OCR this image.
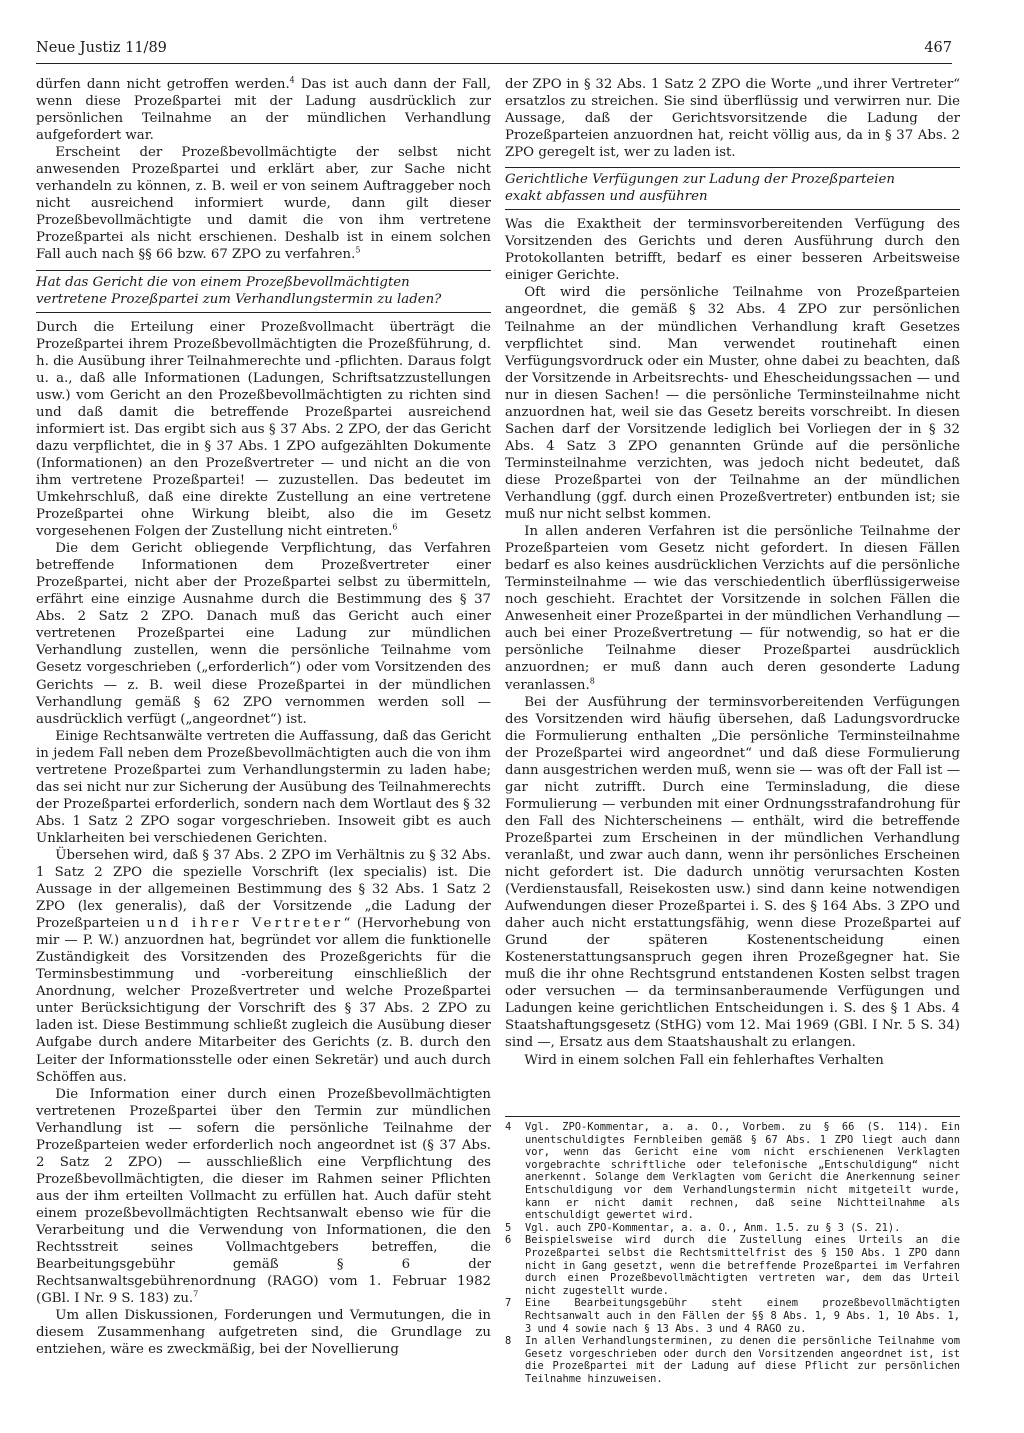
Neue Justiz 11/89	467

dürfen dann nicht getroffen werden.$^4$ Das ist auch dann der Fall, wenn diese Prozeßpartei mit der Ladung ausdrücklich zur persönlichen Teilnahme an der mündlichen Verhandlung aufgefordert war.

Erscheint der Prozeßbevollmächtigte der selbst nicht anwesenden Prozeßpartei und erklärt aber, zur Sache nicht verhandeln zu können, z. B. weil er von seinem Auftraggeber noch nicht ausreichend informiert wurde, dann gilt dieser Prozeßbevollmächtigte und damit die von ihm vertretene Prozeßpartei als nicht erschienen. Deshalb ist in einem solchen Fall auch nach §§ 66 bzw. 67 ZPO zu verfahren.$^5$

Hat das Gericht die von einem Prozeßbevollmächtigten
vertretene Prozeßpartei zum Verhandlungstermin zu laden?

Durch die Erteilung einer Prozeßvollmacht überträgt die Prozeßpartei ihrem Prozeßbevollmächtigten die Prozeßführung, d. h. die Ausübung ihrer Teilnahmerechte und -pflichten. Daraus folgt u. a., daß alle Informationen (Ladungen, Schriftsatzzustellungen usw.) vom Gericht an den Prozeßbevollmächtigten zu richten sind und daß damit die betreffende Prozeßpartei ausreichend informiert ist. Das ergibt sich aus § 37 Abs. 2 ZPO, der das Gericht dazu verpflichtet, die in § 37 Abs. 1 ZPO aufgezählten Dokumente (Informationen) an den Prozeßvertreter — und nicht an die von ihm vertretene Prozeßpartei! — zuzustellen. Das bedeutet im Umkehrschluß, daß eine direkte Zustellung an eine vertretene Prozeßpartei ohne Wirkung bleibt, also die im Gesetz vorgesehenen Folgen der Zustellung nicht eintreten.$^6$

Die dem Gericht obliegende Verpflichtung, das Verfahren betreffende Informationen dem Prozeßvertreter einer Prozeßpartei, nicht aber der Prozeßpartei selbst zu übermitteln, erfährt eine einzige Ausnahme durch die Bestimmung des § 37 Abs. 2 Satz 2 ZPO. Danach muß das Gericht auch einer vertretenen Prozeßpartei eine Ladung zur mündlichen Verhandlung zustellen, wenn die persönliche Teilnahme vom Gesetz vorgeschrieben („erforderlich“) oder vom Vorsitzenden des Gerichts — z. B. weil diese Prozeßpartei in der mündlichen Verhandlung gemäß § 62 ZPO vernommen werden soll — ausdrücklich verfügt („angeordnet“) ist.

Einige Rechtsanwälte vertreten die Auffassung, daß das Gericht in jedem Fall neben dem Prozeßbevollmächtigten auch die von ihm vertretene Prozeßpartei zum Verhandlungstermin zu laden habe; das sei nicht nur zur Sicherung der Ausübung des Teilnahmerechts der Prozeßpartei erforderlich, sondern nach dem Wortlaut des § 32 Abs. 1 Satz 2 ZPO sogar vorgeschrieben. Insoweit gibt es auch Unklarheiten bei verschiedenen Gerichten.

Übersehen wird, daß § 37 Abs. 2 ZPO im Verhältnis zu § 32 Abs. 1 Satz 2 ZPO die spezielle Vorschrift (lex specialis) ist. Die Aussage in der allgemeinen Bestimmung des § 32 Abs. 1 Satz 2 ZPO (lex generalis), daß der Vorsitzende „die Ladung der Prozeßparteien und ihrer Vertreter“ (Hervorhebung von mir — P. W.) anzuordnen hat, begründet vor allem die funktionelle Zuständigkeit des Vorsitzenden des Prozeßgerichts für die Terminsbestimmung und -vorbereitung einschließlich der Anordnung, welcher Prozeßvertreter und welche Prozeßpartei unter Berücksichtigung der Vorschrift des § 37 Abs. 2 ZPO zu laden ist. Diese Bestimmung schließt zugleich die Ausübung dieser Aufgabe durch andere Mitarbeiter des Gerichts (z. B. durch den Leiter der Informationsstelle oder einen Sekretär) und auch durch Schöffen aus.

Die Information einer durch einen Prozeßbevollmächtigten vertretenen Prozeßpartei über den Termin zur mündlichen Verhandlung ist — sofern die persönliche Teilnahme der Prozeßparteien weder erforderlich noch angeordnet ist (§ 37 Abs. 2 Satz 2 ZPO) — ausschließlich eine Verpflichtung des Prozeßbevollmächtigten, die dieser im Rahmen seiner Pflichten aus der ihm erteilten Vollmacht zu erfüllen hat. Auch dafür steht einem prozeßbevollmächtigten Rechtsanwalt ebenso wie für die Verarbeitung und die Verwendung von Informationen, die den Rechtsstreit seines Vollmachtgebers betreffen, die Bearbeitungsgebühr gemäß § 6 der Rechtsanwaltsgebührenordnung (RAGO) vom 1. Februar 1982 (GBl. I Nr. 9 S. 183) zu.$^7$

Um allen Diskussionen, Forderungen und Vermutungen, die in diesem Zusammenhang aufgetreten sind, die Grundlage zu entziehen, wäre es zweckmäßig, bei der Novellierung

der ZPO in § 32 Abs. 1 Satz 2 ZPO die Worte „und ihrer Vertreter“ ersatzlos zu streichen. Sie sind überflüssig und verwirren nur. Die Aussage, daß der Gerichtsvorsitzende die Ladung der Prozeßparteien anzuordnen hat, reicht völlig aus, da in § 37 Abs. 2 ZPO geregelt ist, wer zu laden ist.

Gerichtliche Verfügungen zur Ladung der Prozeßparteien
exakt abfassen und ausführen

Was die Exaktheit der terminsvorbereitenden Verfügung des Vorsitzenden des Gerichts und deren Ausführung durch den Protokollanten betrifft, bedarf es einer besseren Arbeitsweise einiger Gerichte.

Oft wird die persönliche Teilnahme von Prozeßparteien angeordnet, die gemäß § 32 Abs. 4 ZPO zur persönlichen Teilnahme an der mündlichen Verhandlung kraft Gesetzes verpflichtet sind. Man verwendet routinehaft einen Verfügungsvordruck oder ein Muster, ohne dabei zu beachten, daß der Vorsitzende in Arbeitsrechts- und Ehescheidungssachen — und nur in diesen Sachen! — die persönliche Terminsteilnahme nicht anzuordnen hat, weil sie das Gesetz bereits vorschreibt. In diesen Sachen darf der Vorsitzende lediglich bei Vorliegen der in § 32 Abs. 4 Satz 3 ZPO genannten Gründe auf die persönliche Terminsteilnahme verzichten, was jedoch nicht bedeutet, daß diese Prozeßpartei von der Teilnahme an der mündlichen Verhandlung (ggf. durch einen Prozeßvertreter) entbunden ist; sie muß nur nicht selbst kommen.

In allen anderen Verfahren ist die persönliche Teilnahme der Prozeßparteien vom Gesetz nicht gefordert. In diesen Fällen bedarf es also keines ausdrücklichen Verzichts auf die persönliche Terminsteilnahme — wie das verschiedentlich überflüssigerweise noch geschieht. Erachtet der Vorsitzende in solchen Fällen die Anwesenheit einer Prozeßpartei in der mündlichen Verhandlung — auch bei einer Prozeßvertretung — für notwendig, so hat er die persönliche Teilnahme dieser Prozeßpartei ausdrücklich anzuordnen; er muß dann auch deren gesonderte Ladung veranlassen.$^8$

Bei der Ausführung der terminsvorbereitenden Verfügungen des Vorsitzenden wird häufig übersehen, daß Ladungsvordrucke die Formulierung enthalten „Die persönliche Terminsteilnahme der Prozeßpartei wird angeordnet“ und daß diese Formulierung dann ausgestrichen werden muß, wenn sie — was oft der Fall ist — gar nicht zutrifft. Durch eine Terminsladung, die diese Formulierung — verbunden mit einer Ordnungsstrafandrohung für den Fall des Nichterscheinens — enthält, wird die betreffende Prozeßpartei zum Erscheinen in der mündlichen Verhandlung veranlaßt, und zwar auch dann, wenn ihr persönliches Erscheinen nicht gefordert ist. Die dadurch unnötig verursachten Kosten (Verdienstausfall, Reisekosten usw.) sind dann keine notwendigen Aufwendungen dieser Prozeßpartei i. S. des § 164 Abs. 3 ZPO und daher auch nicht erstattungsfähig, wenn diese Prozeßpartei auf Grund der späteren Kostenentscheidung einen Kostenerstattungsanspruch gegen ihren Prozeßgegner hat. Sie muß die ihr ohne Rechtsgrund entstandenen Kosten selbst tragen oder versuchen — da terminsanberaumende Verfügungen und Ladungen keine gerichtlichen Entscheidungen i. S. des § 1 Abs. 4 Staatshaftungsgesetz (StHG) vom 12. Mai 1969 (GBl. I Nr. 5 S. 34) sind —, Ersatz aus dem Staatshaushalt zu erlangen.

Wird in einem solchen Fall ein fehlerhaftes Verhalten

4	Vgl. ZPO-Kommentar, a. a. O., Vorbem. zu § 66 (S. 114). Ein unentschuldigtes Fernbleiben gemäß § 67 Abs. 1 ZPO liegt auch dann vor, wenn das Gericht eine vom nicht erschienenen Verklagten vorgebrachte schriftliche oder telefonische „Entschuldigung“ nicht anerkennt. Solange dem Verklagten vom Gericht die Anerkennung seiner Entschuldigung vor dem Verhandlungstermin nicht mitgeteilt wurde, kann er nicht damit rechnen, daß seine Nichtteilnahme als entschuldigt gewertet wird.
5	Vgl. auch ZPO-Kommentar, a. a. O., Anm. 1.5. zu § 3 (S. 21).
6	Beispielsweise wird durch die Zustellung eines Urteils an die Prozeßpartei selbst die Rechtsmittelfrist des § 150 Abs. 1 ZPO dann nicht in Gang gesetzt, wenn die betreffende Prozeßpartei im Verfahren durch einen Prozeßbevollmächtigten vertreten war, dem das Urteil nicht zugestellt wurde.
7	Eine Bearbeitungsgebühr steht einem prozeßbevollmächtigten Rechtsanwalt auch in den Fällen der §§ 8 Abs. 1, 9 Abs. 1, 10 Abs. 1, 3 und 4 sowie nach § 13 Abs. 3 und 4 RAGO zu.
8	In allen Verhandlungsterminen, zu denen die persönliche Teilnahme vom Gesetz vorgeschrieben oder durch den Vorsitzenden angeordnet ist, ist die Prozeßpartei mit der Ladung auf diese Pflicht zur persönlichen Teilnahme hinzuweisen.
